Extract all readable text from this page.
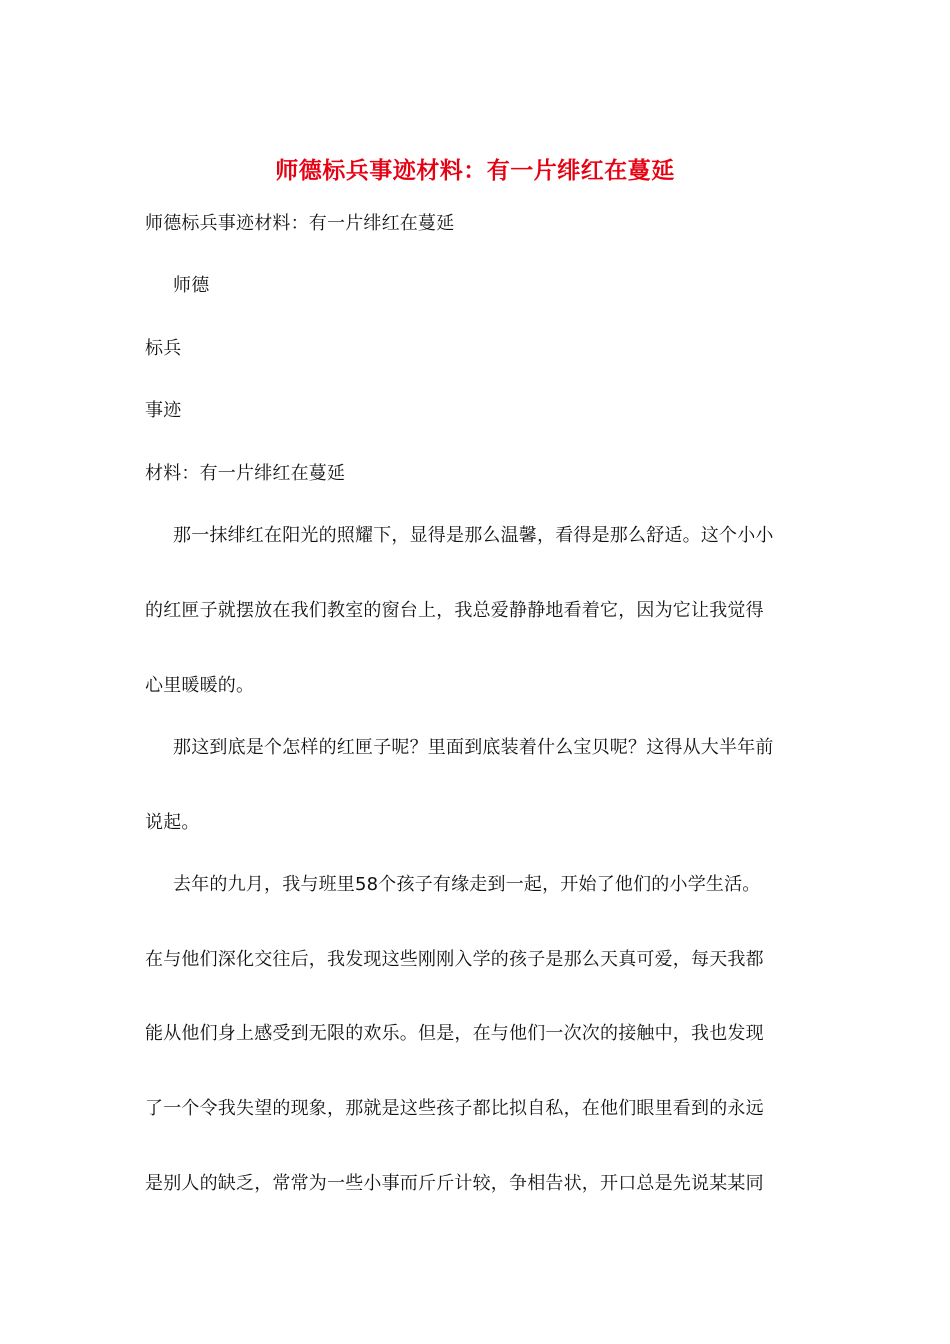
师德标兵事迹材料：有一片绯红在蔓延
师德标兵事迹材料：有一片绯红在蔓延
师德
标兵
事迹
材料：有一片绯红在蔓延
那一抹绯红在阳光的照耀下，显得是那么温馨，看得是那么舒适。这个小小
的红匣子就摆放在我们教室的窗台上，我总爱静静地看着它，因为它让我觉得
心里暖暖的。
那这到底是个怎样的红匣子呢？里面到底装着什么宝贝呢？这得从大半年前
说起。
去年的九月，我与班里58个孩子有缘走到一起，开始了他们的小学生活。
在与他们深化交往后，我发现这些刚刚入学的孩子是那么天真可爱，每天我都
能从他们身上感受到无限的欢乐。但是，在与他们一次次的接触中，我也发现
了一个令我失望的现象，那就是这些孩子都比拟自私，在他们眼里看到的永远
是别人的缺乏，常常为一些小事而斤斤计较，争相告状，开口总是先说某某同
